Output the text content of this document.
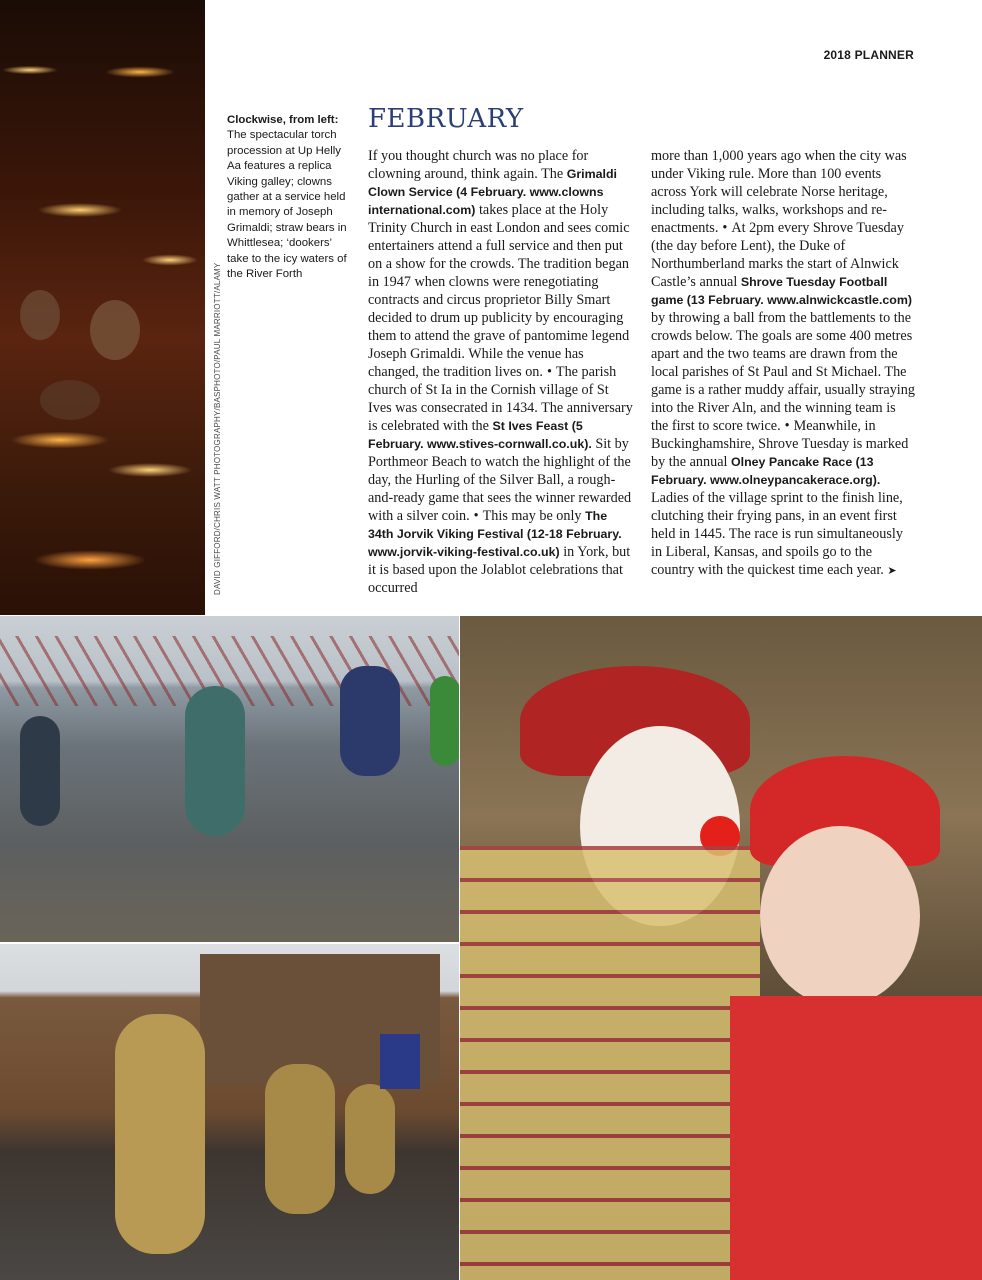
2018 PLANNER
Clockwise, from left: The spectacular torch procession at Up Helly Aa features a replica Viking galley; clowns gather at a service held in memory of Joseph Grimaldi; straw bears in Whittlesea; ‘dookers’ take to the icy waters of the River Forth
DAVID GIFFORD/CHRIS WATT PHOTOGRAPHY/BASPHOTO/PAUL MARRIOTT/ALAMY
FEBRUARY
If you thought church was no place for clowning around, think again. The Grimaldi Clown Service (4 February. www.clowns international.com) takes place at the Holy Trinity Church in east London and sees comic entertainers attend a full service and then put on a show for the crowds. The tradition began in 1947 when clowns were renegotiating contracts and circus proprietor Billy Smart decided to drum up publicity by encouraging them to attend the grave of pantomime legend Joseph Grimaldi. While the venue has changed, the tradition lives on. • The parish church of St Ia in the Cornish village of St Ives was consecrated in 1434. The anniversary is celebrated with the St Ives Feast (5 February. www.stives-cornwall.co.uk). Sit by Porthmeor Beach to watch the highlight of the day, the Hurling of the Silver Ball, a rough-and-ready game that sees the winner rewarded with a silver coin. • This may be only The 34th Jorvik Viking Festival (12-18 February. www.jorvik-viking-festival.co.uk) in York, but it is based upon the Jolablot celebrations that occurred
more than 1,000 years ago when the city was under Viking rule. More than 100 events across York will celebrate Norse heritage, including talks, walks, workshops and re-enactments. • At 2pm every Shrove Tuesday (the day before Lent), the Duke of Northumberland marks the start of Alnwick Castle’s annual Shrove Tuesday Football game (13 February. www.alnwickcastle.com) by throwing a ball from the battlements to the crowds below. The goals are some 400 metres apart and the two teams are drawn from the local parishes of St Paul and St Michael. The game is a rather muddy affair, usually straying into the River Aln, and the winning team is the first to score twice. • Meanwhile, in Buckinghamshire, Shrove Tuesday is marked by the annual Olney Pancake Race (13 February. www.olneypancakerace.org). Ladies of the village sprint to the finish line, clutching their frying pans, in an event first held in 1445. The race is run simultaneously in Liberal, Kansas, and spoils go to the country with the quickest time each year. ➤
